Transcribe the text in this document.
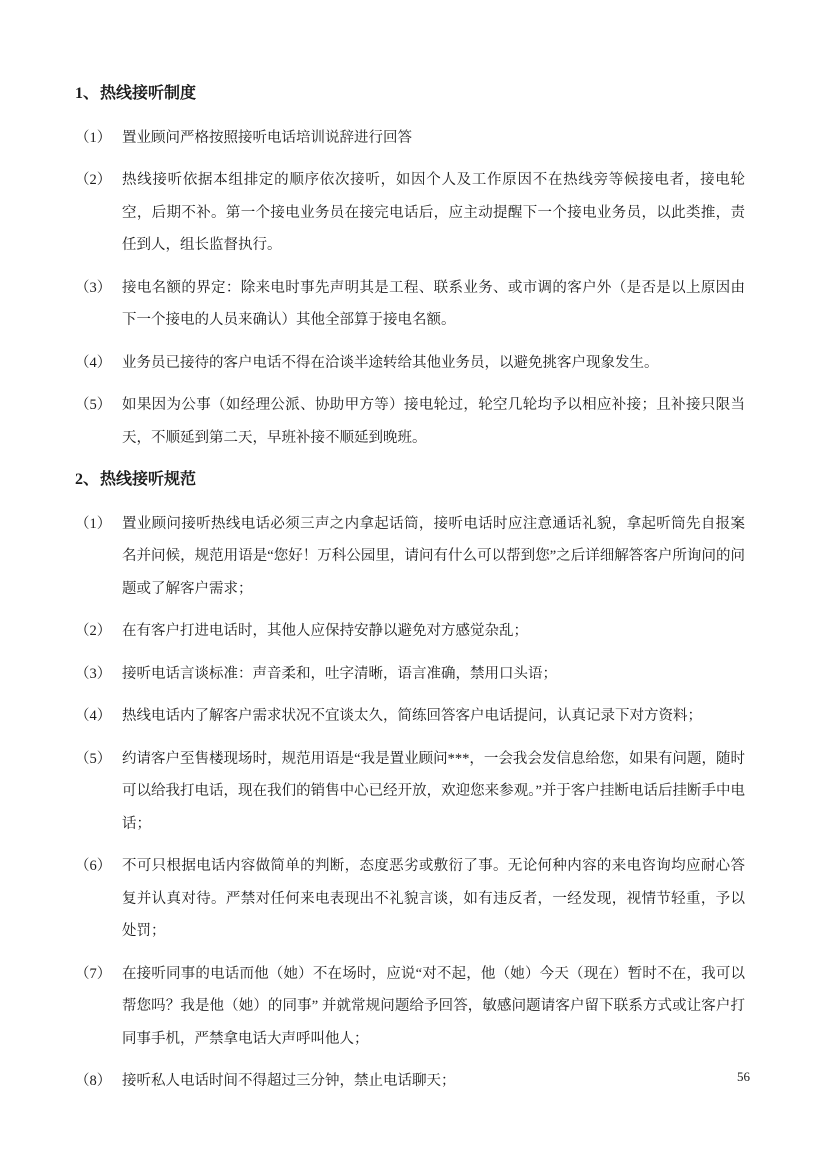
1、 热线接听制度
（1） 置业顾问严格按照接听电话培训说辞进行回答
（2） 热线接听依据本组排定的顺序依次接听，如因个人及工作原因不在热线旁等候接电者，接电轮空，后期不补。第一个接电业务员在接完电话后，应主动提醒下一个接电业务员，以此类推，责任到人，组长监督执行。
（3） 接电名额的界定：除来电时事先声明其是工程、联系业务、或市调的客户外（是否是以上原因由下一个接电的人员来确认）其他全部算于接电名额。
（4） 业务员已接待的客户电话不得在洽谈半途转给其他业务员，以避免挑客户现象发生。
（5） 如果因为公事（如经理公派、协助甲方等）接电轮过，轮空几轮均予以相应补接；且补接只限当天，不顺延到第二天，早班补接不顺延到晚班。
2、 热线接听规范
（1） 置业顾问接听热线电话必须三声之内拿起话筒，接听电话时应注意通话礼貌，拿起听筒先自报案名并问候，规范用语是“您好！万科公园里，请问有什么可以帮到您”之后详细解答客户所询问的问题或了解客户需求；
（2） 在有客户打进电话时，其他人应保持安静以避免对方感觉杂乱；
（3） 接听电话言谈标准：声音柔和，吐字清晰，语言准确，禁用口头语；
（4） 热线电话内了解客户需求状况不宜谈太久，简练回答客户电话提问，认真记录下对方资料；
（5） 约请客户至售楼现场时，规范用语是“我是置业顾问***，一会我会发信息给您，如果有问题，随时可以给我打电话，现在我们的销售中心已经开放，欢迎您来参观。”并于客户挂断电话后挂断手中电话；
（6） 不可只根据电话内容做简单的判断，态度恶劣或敷衍了事。无论何种内容的来电咨询均应耐心答复并认真对待。严禁对任何来电表现出不礼貌言谈，如有违反者，一经发现，视情节轻重，予以处罚；
（7） 在接听同事的电话而他（她）不在场时，应说“对不起，他（她）今天（现在）暂时不在，我可以帮您吗？我是他（她）的同事” 并就常规问题给予回答，敏感问题请客户留下联系方式或让客户打同事手机，严禁拿电话大声呼叫他人；
（8） 接听私人电话时间不得超过三分钟，禁止电话聊天；	56
